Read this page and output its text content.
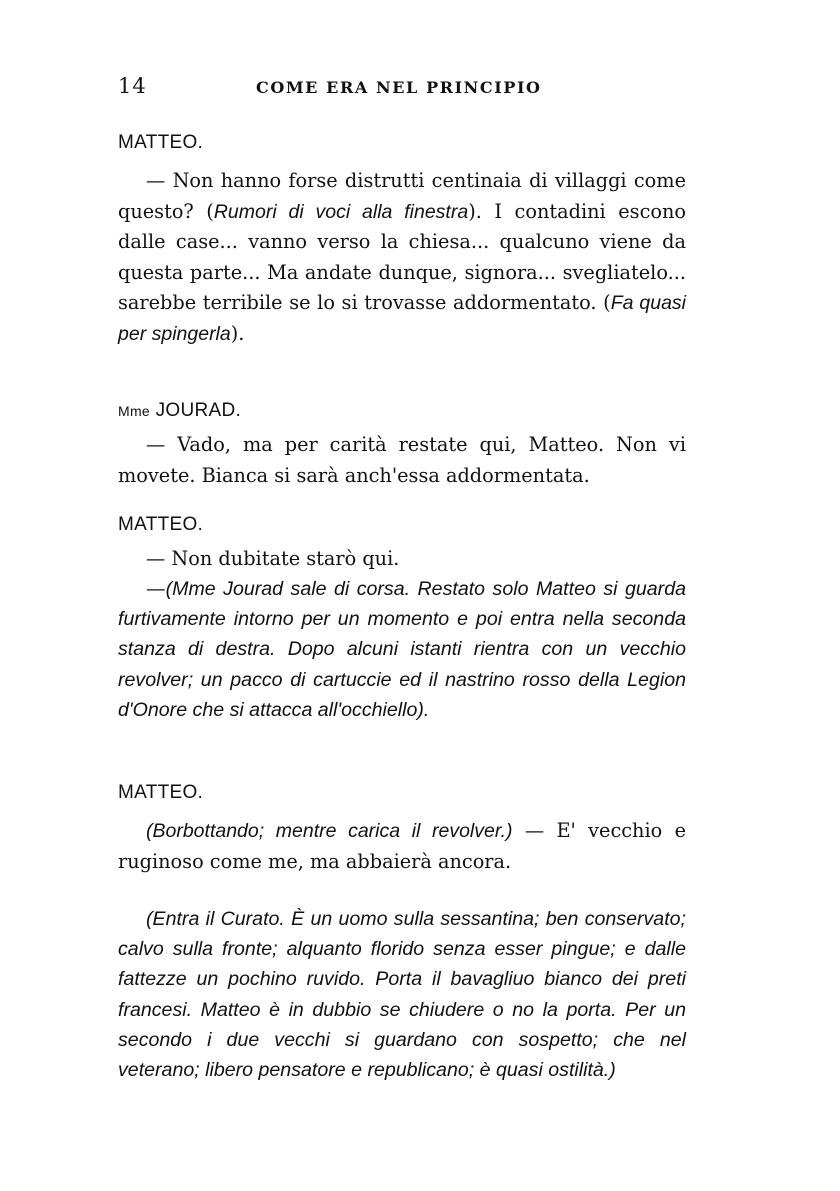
14	COME ERA NEL PRINCIPIO

MATTEO.

— Non hanno forse distrutti centinaia di villaggi come questo? (Rumori di voci alla finestra). I contadini escono dalle case... vanno verso la chiesa... qualcuno viene da questa parte... Ma andate dunque, signora... svegliatelo... sarebbe terribile se lo si trovasse addormentato. (Fa quasi per spingerla).

Mme JOURAD.

— Vado, ma per carità restate qui, Matteo. Non vi movete. Bianca si sarà anch'essa addormentata.

MATTEO.

— Non dubitate starò qui.

—(Mme Jourad sale di corsa. Restato solo Matteo si guarda furtivamente intorno per un momento e poi entra nella seconda stanza di destra. Dopo alcuni istanti rientra con un vecchio revolver; un pacco di cartuccie ed il nastrino rosso della Legion d'Onore che si attacca all'occhiello).

MATTEO.

(Borbottando; mentre carica il revolver.) — E' vecchio e ruginoso come me, ma abbaierà ancora.

(Entra il Curato. È un uomo sulla sessantina; ben conservato; calvo sulla fronte; alquanto florido senza esser pingue; e dalle fattezze un pochino ruvido. Porta il bavagliuo bianco dei preti francesi. Matteo è in dubbio se chiudere o no la porta. Per un secondo i due vecchi si guardano con sospetto; che nel veterano; libero pensatore e republicano; è quasi ostilità.)
